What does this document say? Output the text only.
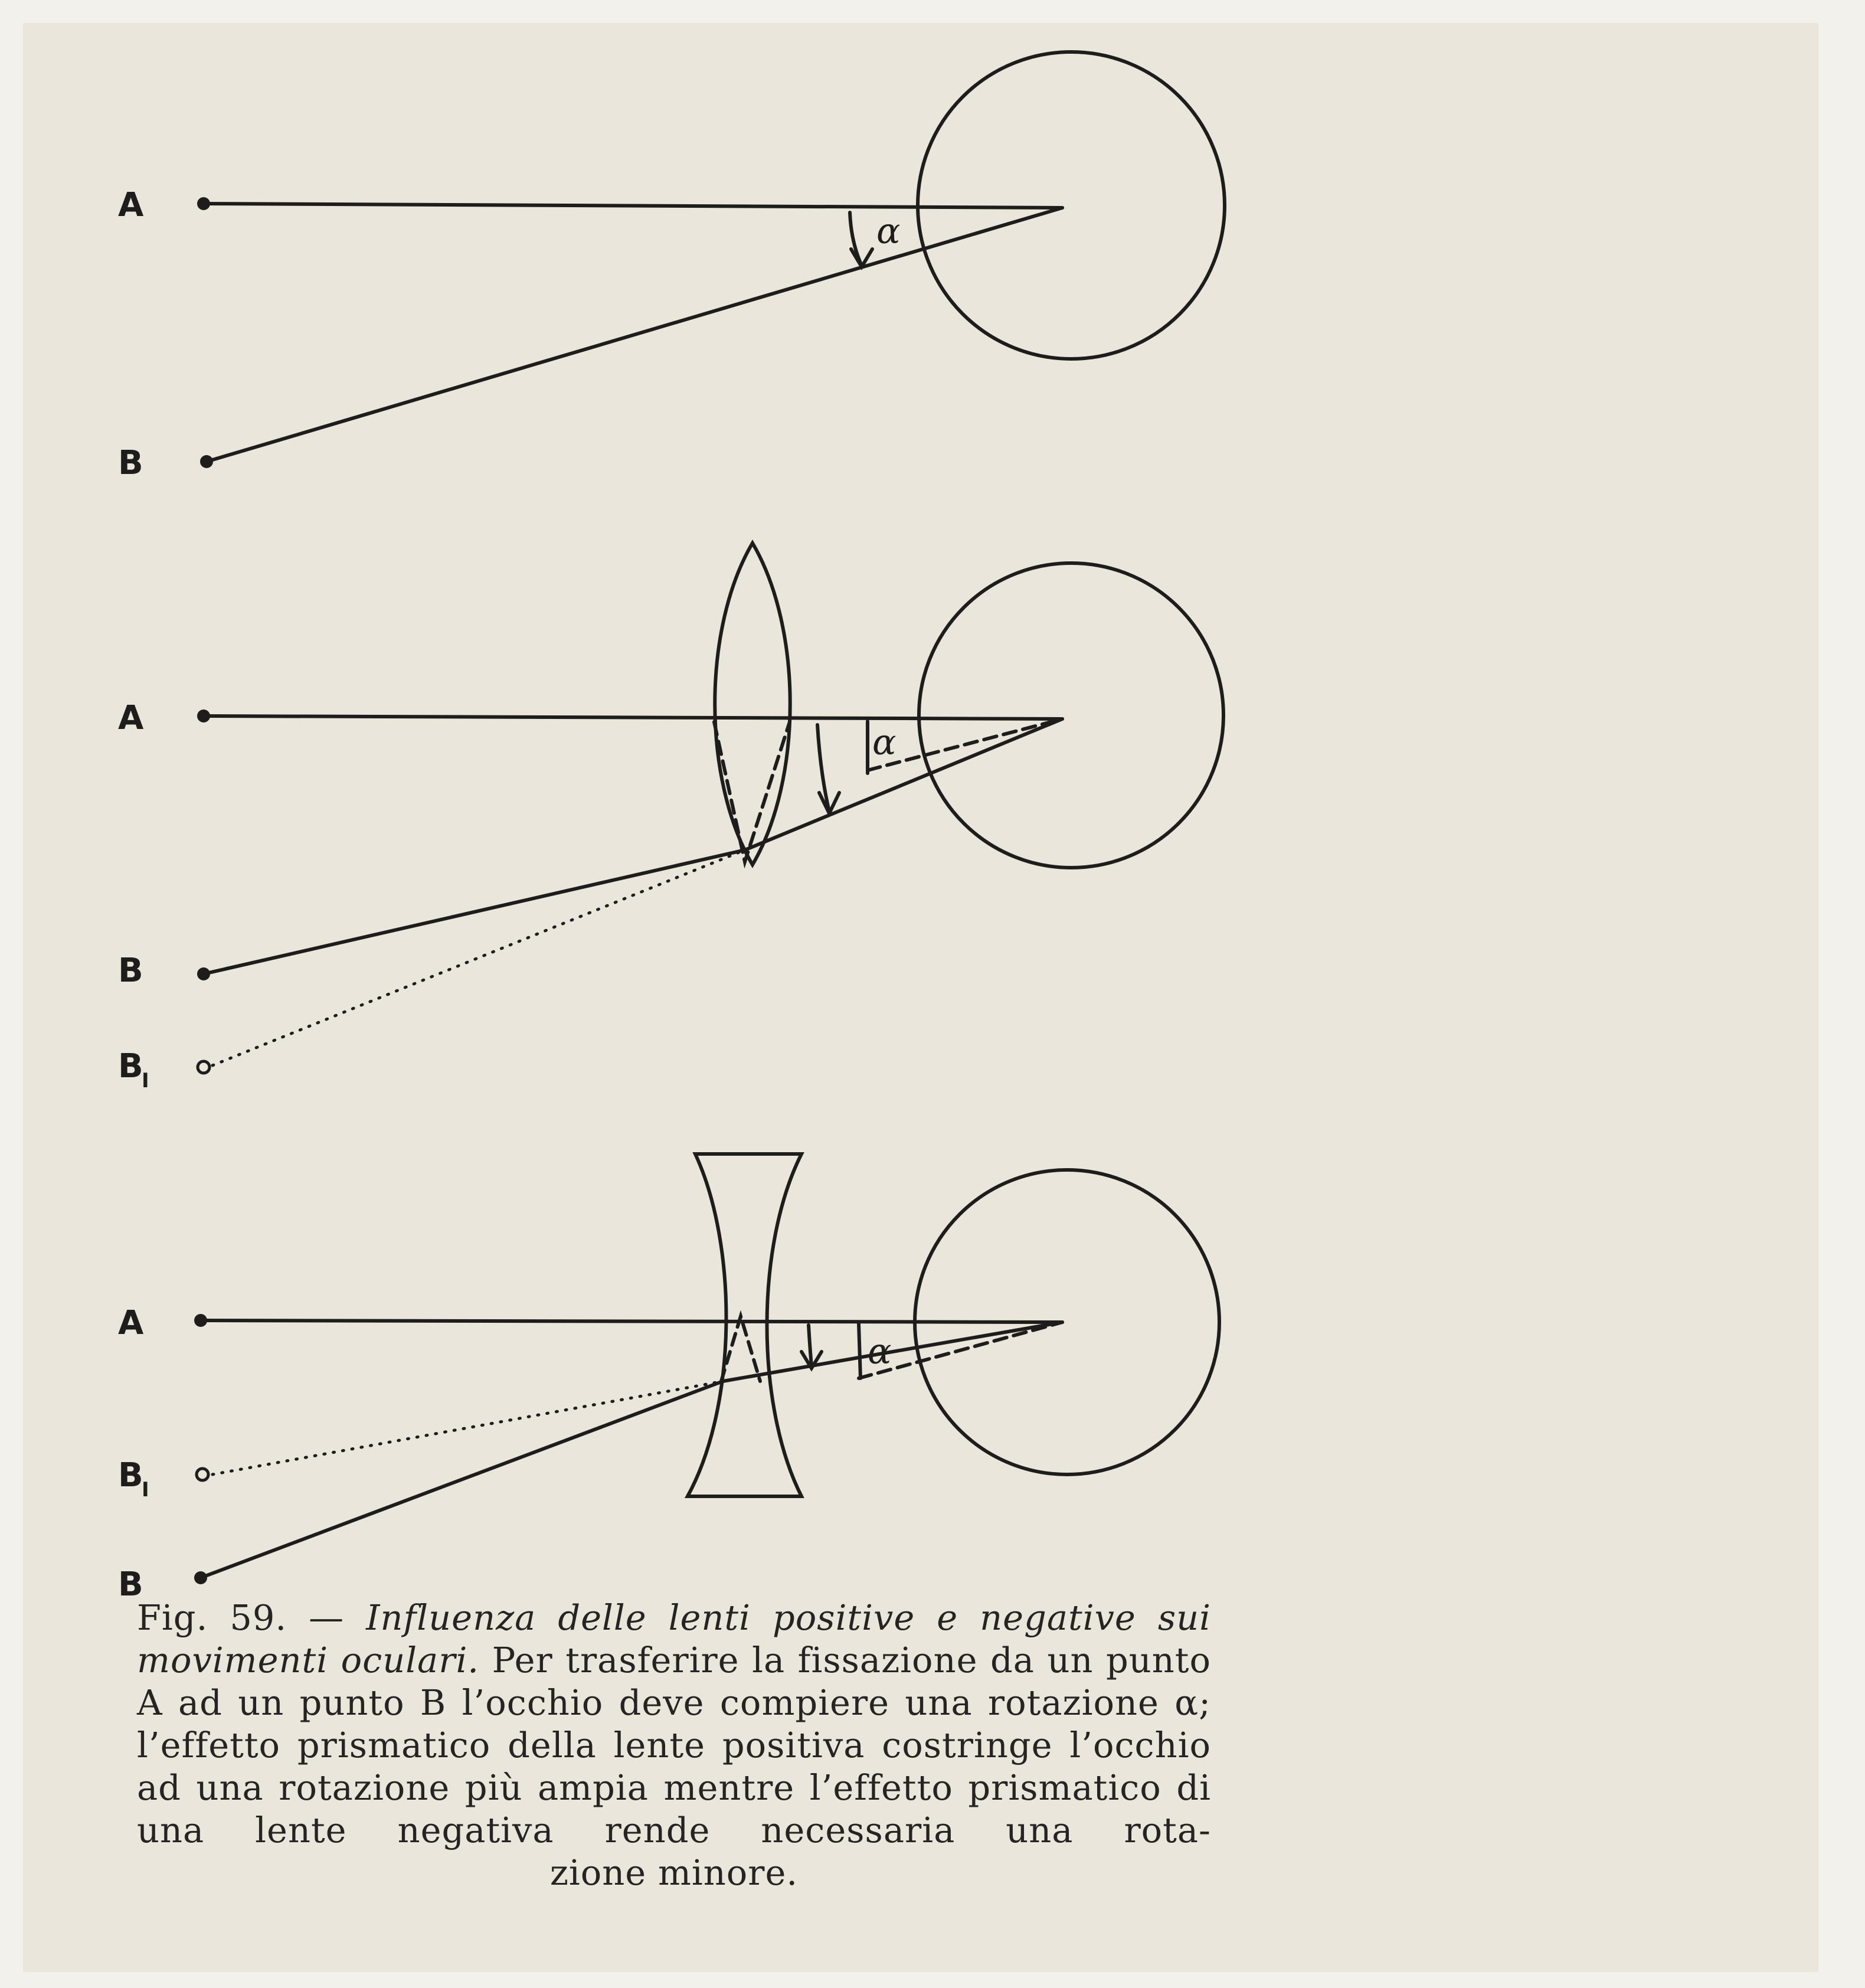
A
B
α
A
B
B
I
α
A
B
I
B
α
Fig. 59. — Influenza delle lenti positive e negative sui movimenti oculari. Per trasferire la fissazione da un punto A ad un punto B l’occhio deve compiere una rotazione α; l’effetto prismatico della lente positiva costringe l’occhio ad una rotazione più ampia mentre l’effetto prismatico di una lente negativa rende necessaria una rota-
zione minore.
